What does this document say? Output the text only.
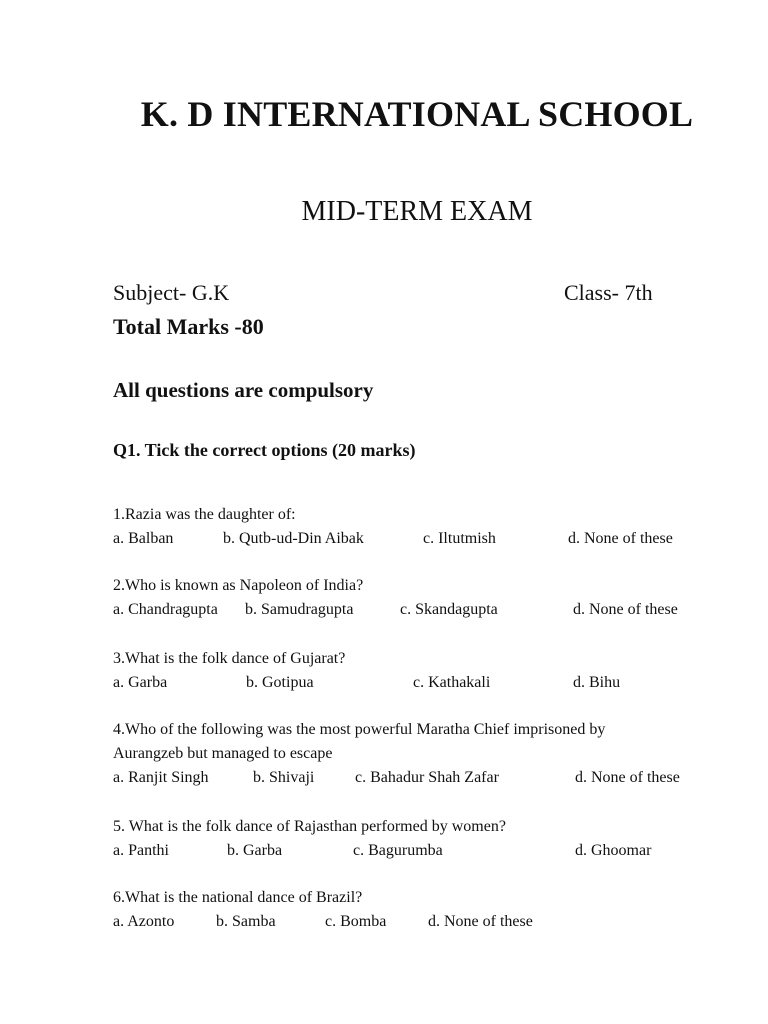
K. D INTERNATIONAL SCHOOL
MID-TERM EXAM
Subject- G.K	Class- 7th
Total Marks -80
All questions are compulsory
Q1. Tick the correct options (20 marks)
1.Razia was the daughter of:
a. Balban	b. Qutb-ud-Din Aibak	c. Iltutmish	d. None of these
2.Who is known as Napoleon of India?
a. Chandragupta b. Samudragupta	c. Skandagupta	d. None of these
3.What is the folk dance of Gujarat?
a. Garba	b. Gotipua	c. Kathakali	d. Bihu
4.Who of the following was the most powerful Maratha Chief imprisoned by
Aurangzeb but managed to escape
a. Ranjit Singh	b. Shivaji	c. Bahadur Shah Zafar	d. None of these
5. What is the folk dance of Rajasthan performed by women?
a. Panthi	b. Garba	c. Bagurumba	d. Ghoomar
6.What is the national dance of Brazil?
a. Azonto	b. Samba	c. Bomba	d. None of these
